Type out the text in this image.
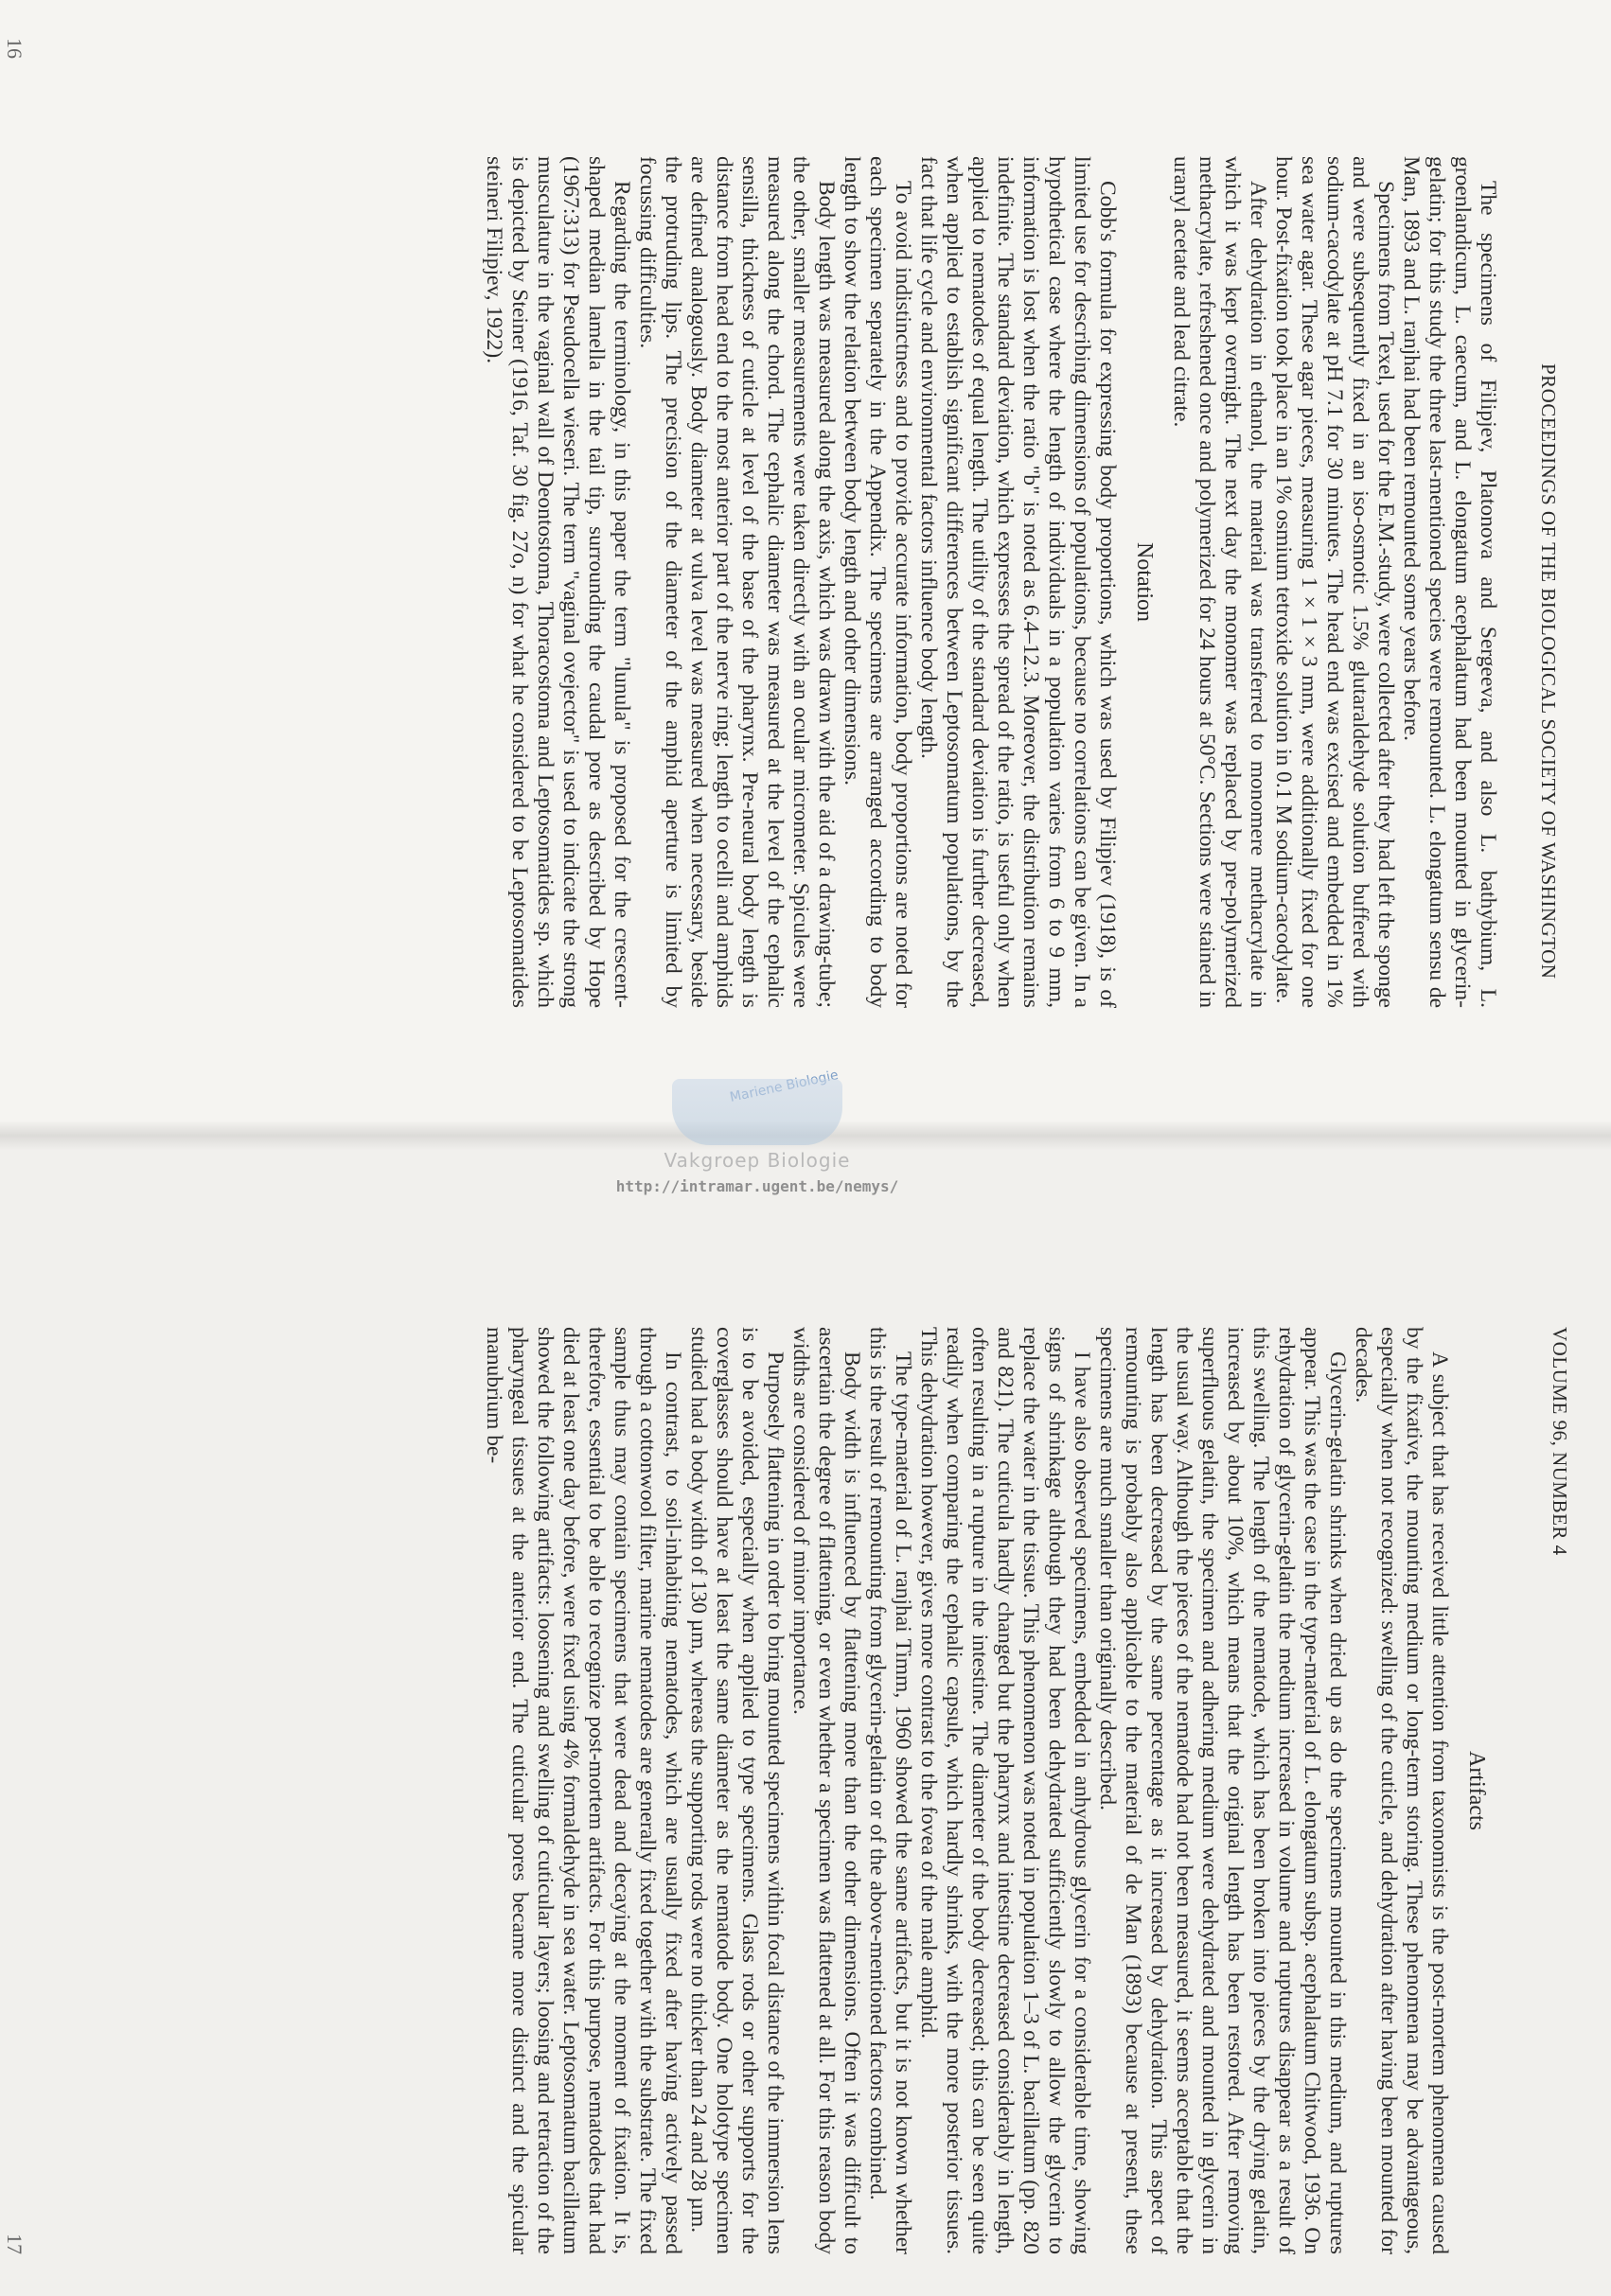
16
PROCEEDINGS OF THE BIOLOGICAL SOCIETY OF WASHINGTON

The specimens of Filipjev, Platonova and Sergeeva, and also L. bathybium, L. groenlandicum, L. caecum, and L. elongatum acephalatum had been mounted in glycerin-gelatin; for this study the three last-mentioned species were remounted. L. elongatum sensu de Man, 1893 and L. ranjhai had been remounted some years before.

Specimens from Texel, used for the E.M.-study, were collected after they had left the sponge and were subsequently fixed in an iso-osmotic 1.5% glutaraldehyde solution buffered with sodium-cacodylate at pH 7.1 for 30 minutes. The head end was excised and embedded in 1% sea water agar. These agar pieces, measuring 1 × 1 × 3 mm, were additionally fixed for one hour. Post-fixation took place in an 1% osmium tetroxide solution in 0.1 M sodium-cacodylate.

After dehydration in ethanol, the material was transferred to monomere methacrylate in which it was kept overnight. The next day the monomer was replaced by pre-polymerized methacrylate, refreshened once and polymerized for 24 hours at 50°C. Sections were stained in uranyl acetate and lead citrate.

Notation

Cobb's formula for expressing body proportions, which was used by Filipjev (1918), is of limited use for describing dimensions of populations, because no correlations can be given. In a hypothetical case where the length of individuals in a population varies from 6 to 9 mm, information is lost when the ratio "b" is noted as 6.4–12.3. Moreover, the distribution remains indefinite. The standard deviation, which expresses the spread of the ratio, is useful only when applied to nematodes of equal length. The utility of the standard deviation is further decreased, when applied to establish significant differences between Leptosomatum populations, by the fact that life cycle and environmental factors influence body length.

To avoid indistinctness and to provide accurate information, body proportions are noted for each specimen separately in the Appendix. The specimens are arranged according to body length to show the relation between body length and other dimensions.

Body length was measured along the axis, which was drawn with the aid of a drawing-tube; the other, smaller measurements were taken directly with an ocular micrometer. Spicules were measured along the chord. The cephalic diameter was measured at the level of the cephalic sensilla, thickness of cuticle at level of the base of the pharynx. Pre-neural body length is distance from head end to the most anterior part of the nerve ring; length to ocelli and amphids are defined analogously. Body diameter at vulva level was measured when necessary, beside the protruding lips. The precision of the diameter of the amphid aperture is limited by focussing difficulties.

Regarding the terminology, in this paper the term "lunula" is proposed for the crescent-shaped median lamella in the tail tip, surrounding the caudal pore as described by Hope (1967:313) for Pseudocella wieseri. The term "vaginal ovejector" is used to indicate the strong musculature in the vaginal wall of Deontostoma, Thoracostoma and Leptosomatides sp. which is depicted by Steiner (1916, Taf. 30 fig. 27o, n) for what he considered to be Leptosomatides steineri Filipjev, 1922).

Vakgroep Biologie
http://intramar.ugent.be/nemys/
VOLUME 96, NUMBER 4
17
Artifacts

A subject that has received little attention from taxonomists is the post-mortem phenomena caused by the fixative, the mounting medium or long-term storing. These phenomena may be advantageous, especially when not recognized: swelling of the cuticle, and dehydration after having been mounted for decades.

Glycerin-gelatin shrinks when dried up as do the specimens mounted in this medium, and ruptures appear. This was the case in the type-material of L. elongatum subsp. acephalatum Chitwood, 1936. On rehydration of glycerin-gelatin the medium increased in volume and ruptures disappear as a result of this swelling. The length of the nematode, which has been broken into pieces by the drying gelatin, increased by about 10%, which means that the original length has been restored. After removing superfluous gelatin, the specimen and adhering medium were dehydrated and mounted in glycerin in the usual way. Although the pieces of the nematode had not been measured, it seems acceptable that the length has been decreased by the same percentage as it increased by dehydration. This aspect of remounting is probably also applicable to the material of de Man (1893) because at present, these specimens are much smaller than originally described.

I have also observed specimens, embedded in anhydrous glycerin for a considerable time, showing signs of shrinkage although they had been dehydrated sufficiently slowly to allow the glycerin to replace the water in the tissue. This phenomenon was noted in population 1–3 of L. bacillatum (pp. 820 and 821). The cuticula hardly changed but the pharynx and intestine decreased considerably in length, often resulting in a rupture in the intestine. The diameter of the body decreased; this can be seen quite readily when comparing the cephalic capsule, which hardly shrinks, with the more posterior tissues. This dehydration however, gives more contrast to the fovea of the male amphid.

The type-material of L. ranjhai Timm, 1960 showed the same artifacts, but it is not known whether this is the result of remounting from glycerin-gelatin or of the above-mentioned factors combined.

Body width is influenced by flattening more than the other dimensions. Often it was difficult to ascertain the degree of flattening, or even whether a specimen was flattened at all. For this reason body widths are considered of minor importance.

Purposely flattening in order to bring mounted specimens within focal distance of the immersion lens is to be avoided, especially when applied to type specimens. Glass rods or other supports for the coverglasses should have at least the same diameter as the nematode body. One holotype specimen studied had a body width of 130 µm, whereas the supporting rods were no thicker than 24 and 28 µm.

In contrast, to soil-inhabiting nematodes, which are usually fixed after having actively passed through a cottonwool filter, marine nematodes are generally fixed together with the substrate. The fixed sample thus may contain specimens that were dead and decaying at the moment of fixation. It is, therefore, essential to be able to recognize post-mortem artifacts. For this purpose, nematodes that had died at least one day before, were fixed using 4% formaldehyde in sea water. Leptosomatum bacillatum showed the following artifacts: loosening and swelling of cuticular layers; loosing and retraction of the pharyngeal tissues at the anterior end. The cuticular pores became more distinct and the spicular manubrium be-
